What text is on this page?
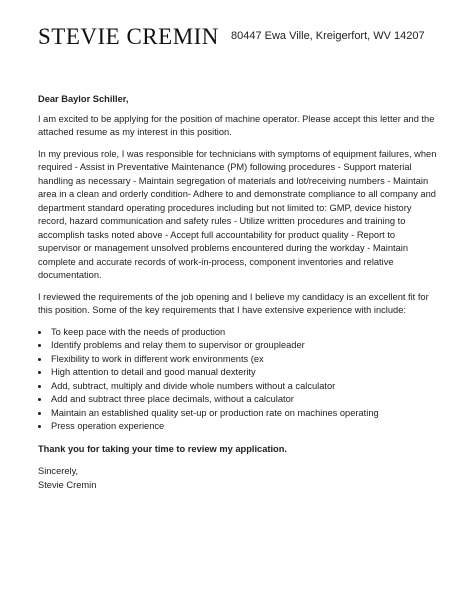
STEVIE CREMIN 80447 Ewa Ville, Kreigerfort, WV 14207
Dear Baylor Schiller,

I am excited to be applying for the position of machine operator. Please accept this letter and the attached resume as my interest in this position.

In my previous role, I was responsible for technicians with symptoms of equipment failures, when required - Assist in Preventative Maintenance (PM) following procedures - Support material handling as necessary - Maintain segregation of materials and lot/receiving numbers - Maintain area in a clean and orderly condition- Adhere to and demonstrate compliance to all company and department standard operating procedures including but not limited to: GMP, device history record, hazard communication and safety rules - Utilize written procedures and training to accomplish tasks noted above - Accept full accountability for product quality - Report to supervisor or management unsolved problems encountered during the workday - Maintain complete and accurate records of work-in-process, component inventories and relative documentation.

I reviewed the requirements of the job opening and I believe my candidacy is an excellent fit for this position. Some of the key requirements that I have extensive experience with include:

• To keep pace with the needs of production
• Identify problems and relay them to supervisor or groupleader
• Flexibility to work in different work environments (ex
• High attention to detail and good manual dexterity
• Add, subtract, multiply and divide whole numbers without a calculator
• Add and subtract three place decimals, without a calculator
• Maintain an established quality set-up or production rate on machines operating
• Press operation experience
Thank you for taking your time to review my application.
Sincerely,
Stevie Cremin
